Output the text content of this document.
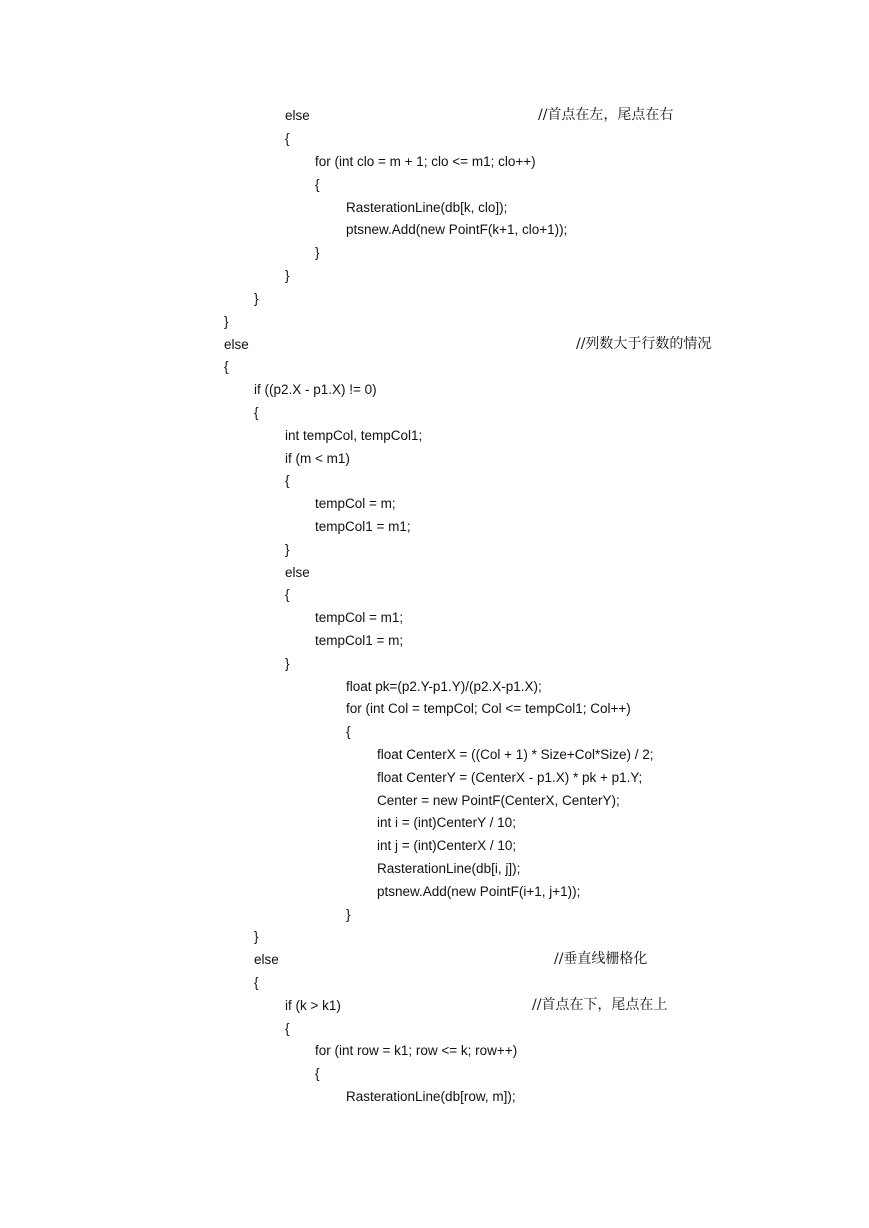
else	//首点在左，尾点在右
{
for (int clo = m + 1; clo <= m1; clo++)
{
RasterationLine(db[k, clo]);
ptsnew.Add(new PointF(k+1, clo+1));
}
}
}
}
else	//列数大于行数的情况
{
if ((p2.X - p1.X) != 0)
{
int tempCol, tempCol1;
if (m < m1)
{
tempCol = m;
tempCol1 = m1;
}
else
{
tempCol = m1;
tempCol1 = m;
}
float pk=(p2.Y-p1.Y)/(p2.X-p1.X);
for (int Col = tempCol; Col <= tempCol1; Col++)
{
float CenterX = ((Col + 1) * Size+Col*Size) / 2;
float CenterY = (CenterX - p1.X) * pk + p1.Y;
Center = new PointF(CenterX, CenterY);
int i = (int)CenterY / 10;
int j = (int)CenterX / 10;
RasterationLine(db[i, j]);
ptsnew.Add(new PointF(i+1, j+1));
}
}
else	//垂直线栅格化
{
if (k > k1)	//首点在下，尾点在上
{
for (int row = k1; row <= k; row++)
{
RasterationLine(db[row, m]);
